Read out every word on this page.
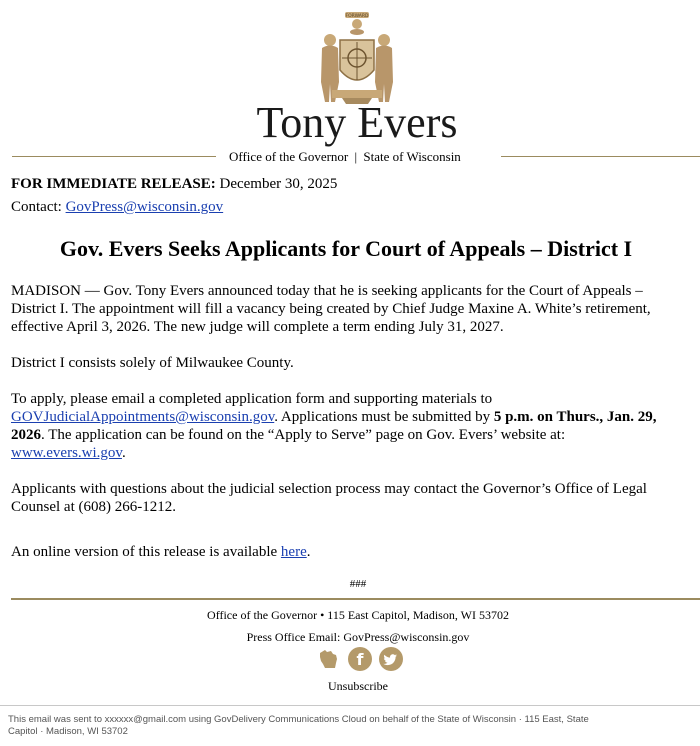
FORWARD
Tony Evers
Office of the Governor | State of Wisconsin
FOR IMMEDIATE RELEASE: December 30, 2025
Contact: GovPress@wisconsin.gov
Gov. Evers Seeks Applicants for Court of Appeals – District I

MADISON — Gov. Tony Evers announced today that he is seeking applicants for the Court of Appeals –
District I. The appointment will fill a vacancy being created by Chief Judge Maxine A. White’s retirement,
effective April 3, 2026. The new judge will complete a term ending July 31, 2027.

District I consists solely of Milwaukee County.

To apply, please email a completed application form and supporting materials to
GOVJudicialAppointments@wisconsin.gov. Applications must be submitted by 5 p.m. on Thurs., Jan. 29,
2026. The application can be found on the “Apply to Serve” page on Gov. Evers’ website at:
www.evers.wi.gov.

Applicants with questions about the judicial selection process may contact the Governor’s Office of Legal
Counsel at (608) 266-1212.

An online version of this release is available here.

###
Office of the Governor • 115 East Capitol, Madison, WI 53702
Press Office Email: GovPress@wisconsin.gov

f

Unsubscribe
This email was sent to xxxxxx@gmail.com using GovDelivery Communications Cloud on behalf of the State of Wisconsin · 115 East, State
Capitol · Madison, WI 53702
